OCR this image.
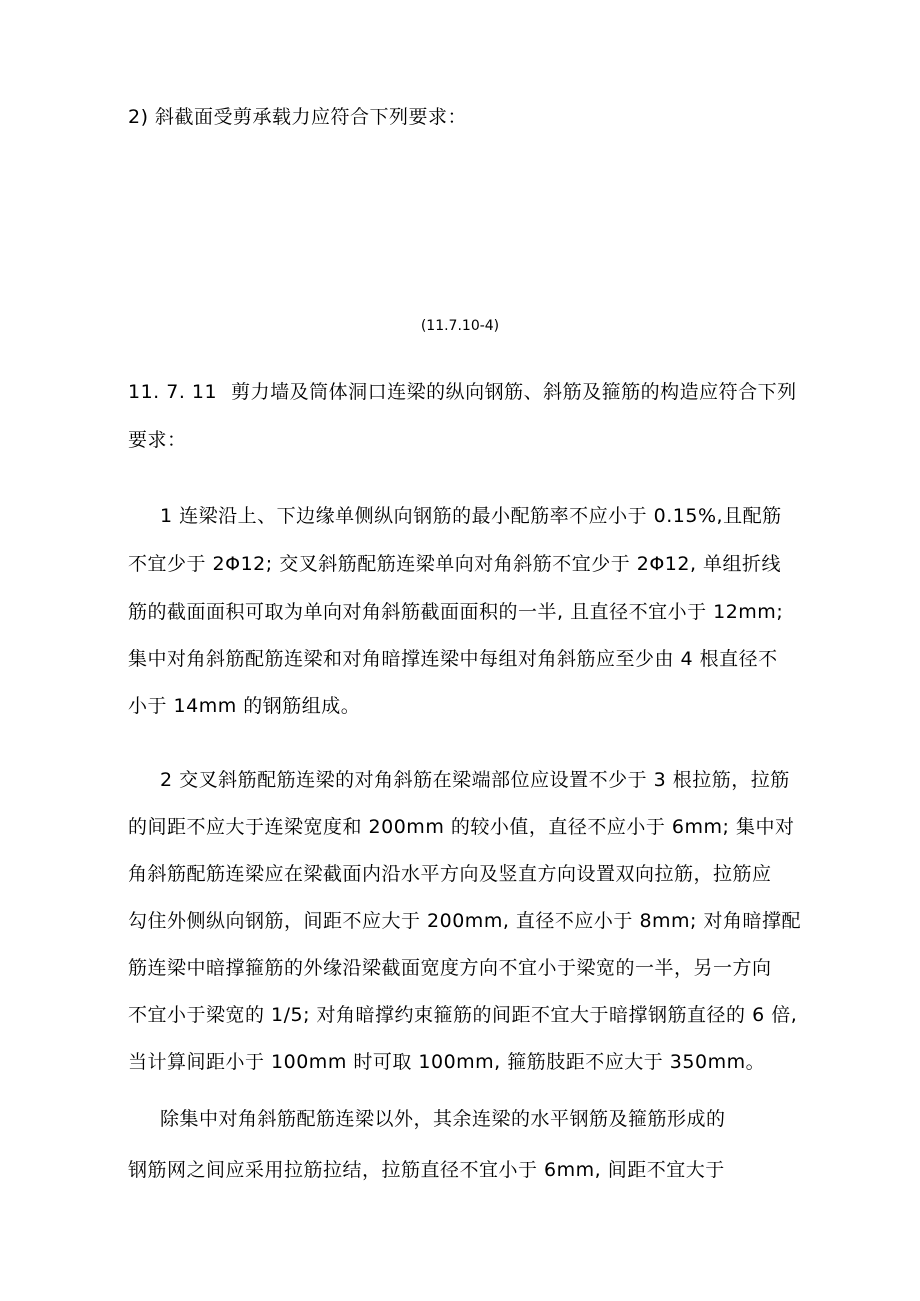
2) 斜截面受剪承载力应符合下列要求：
(11.7.10-4)
11. 7. 11 剪力墙及筒体洞口连梁的纵向钢筋、斜筋及箍筋的构造应符合下列
要求：
1 连梁沿上、下边缘单侧纵向钢筋的最小配筋率不应小于 0.15%,且配筋
不宜少于 2Φ12; 交叉斜筋配筋连梁单向对角斜筋不宜少于 2Φ12, 单组折线
筋的截面面积可取为单向对角斜筋截面面积的一半, 且直径不宜小于 12mm;
集中对角斜筋配筋连梁和对角暗撑连梁中每组对角斜筋应至少由 4 根直径不
小于 14mm 的钢筋组成。
2 交叉斜筋配筋连梁的对角斜筋在梁端部位应设置不少于 3 根拉筋，拉筋
的间距不应大于连梁宽度和 200mm 的较小值，直径不应小于 6mm; 集中对
角斜筋配筋连梁应在梁截面内沿水平方向及竖直方向设置双向拉筋，拉筋应
勾住外侧纵向钢筋，间距不应大于 200mm, 直径不应小于 8mm; 对角暗撑配
筋连梁中暗撑箍筋的外缘沿梁截面宽度方向不宜小于梁宽的一半，另一方向
不宜小于梁宽的 1/5; 对角暗撑约束箍筋的间距不宜大于暗撑钢筋直径的 6 倍,
当计算间距小于 100mm 时可取 100mm, 箍筋肢距不应大于 350mm。
除集中对角斜筋配筋连梁以外，其余连梁的水平钢筋及箍筋形成的
钢筋网之间应采用拉筋拉结，拉筋直径不宜小于 6mm, 间距不宜大于
